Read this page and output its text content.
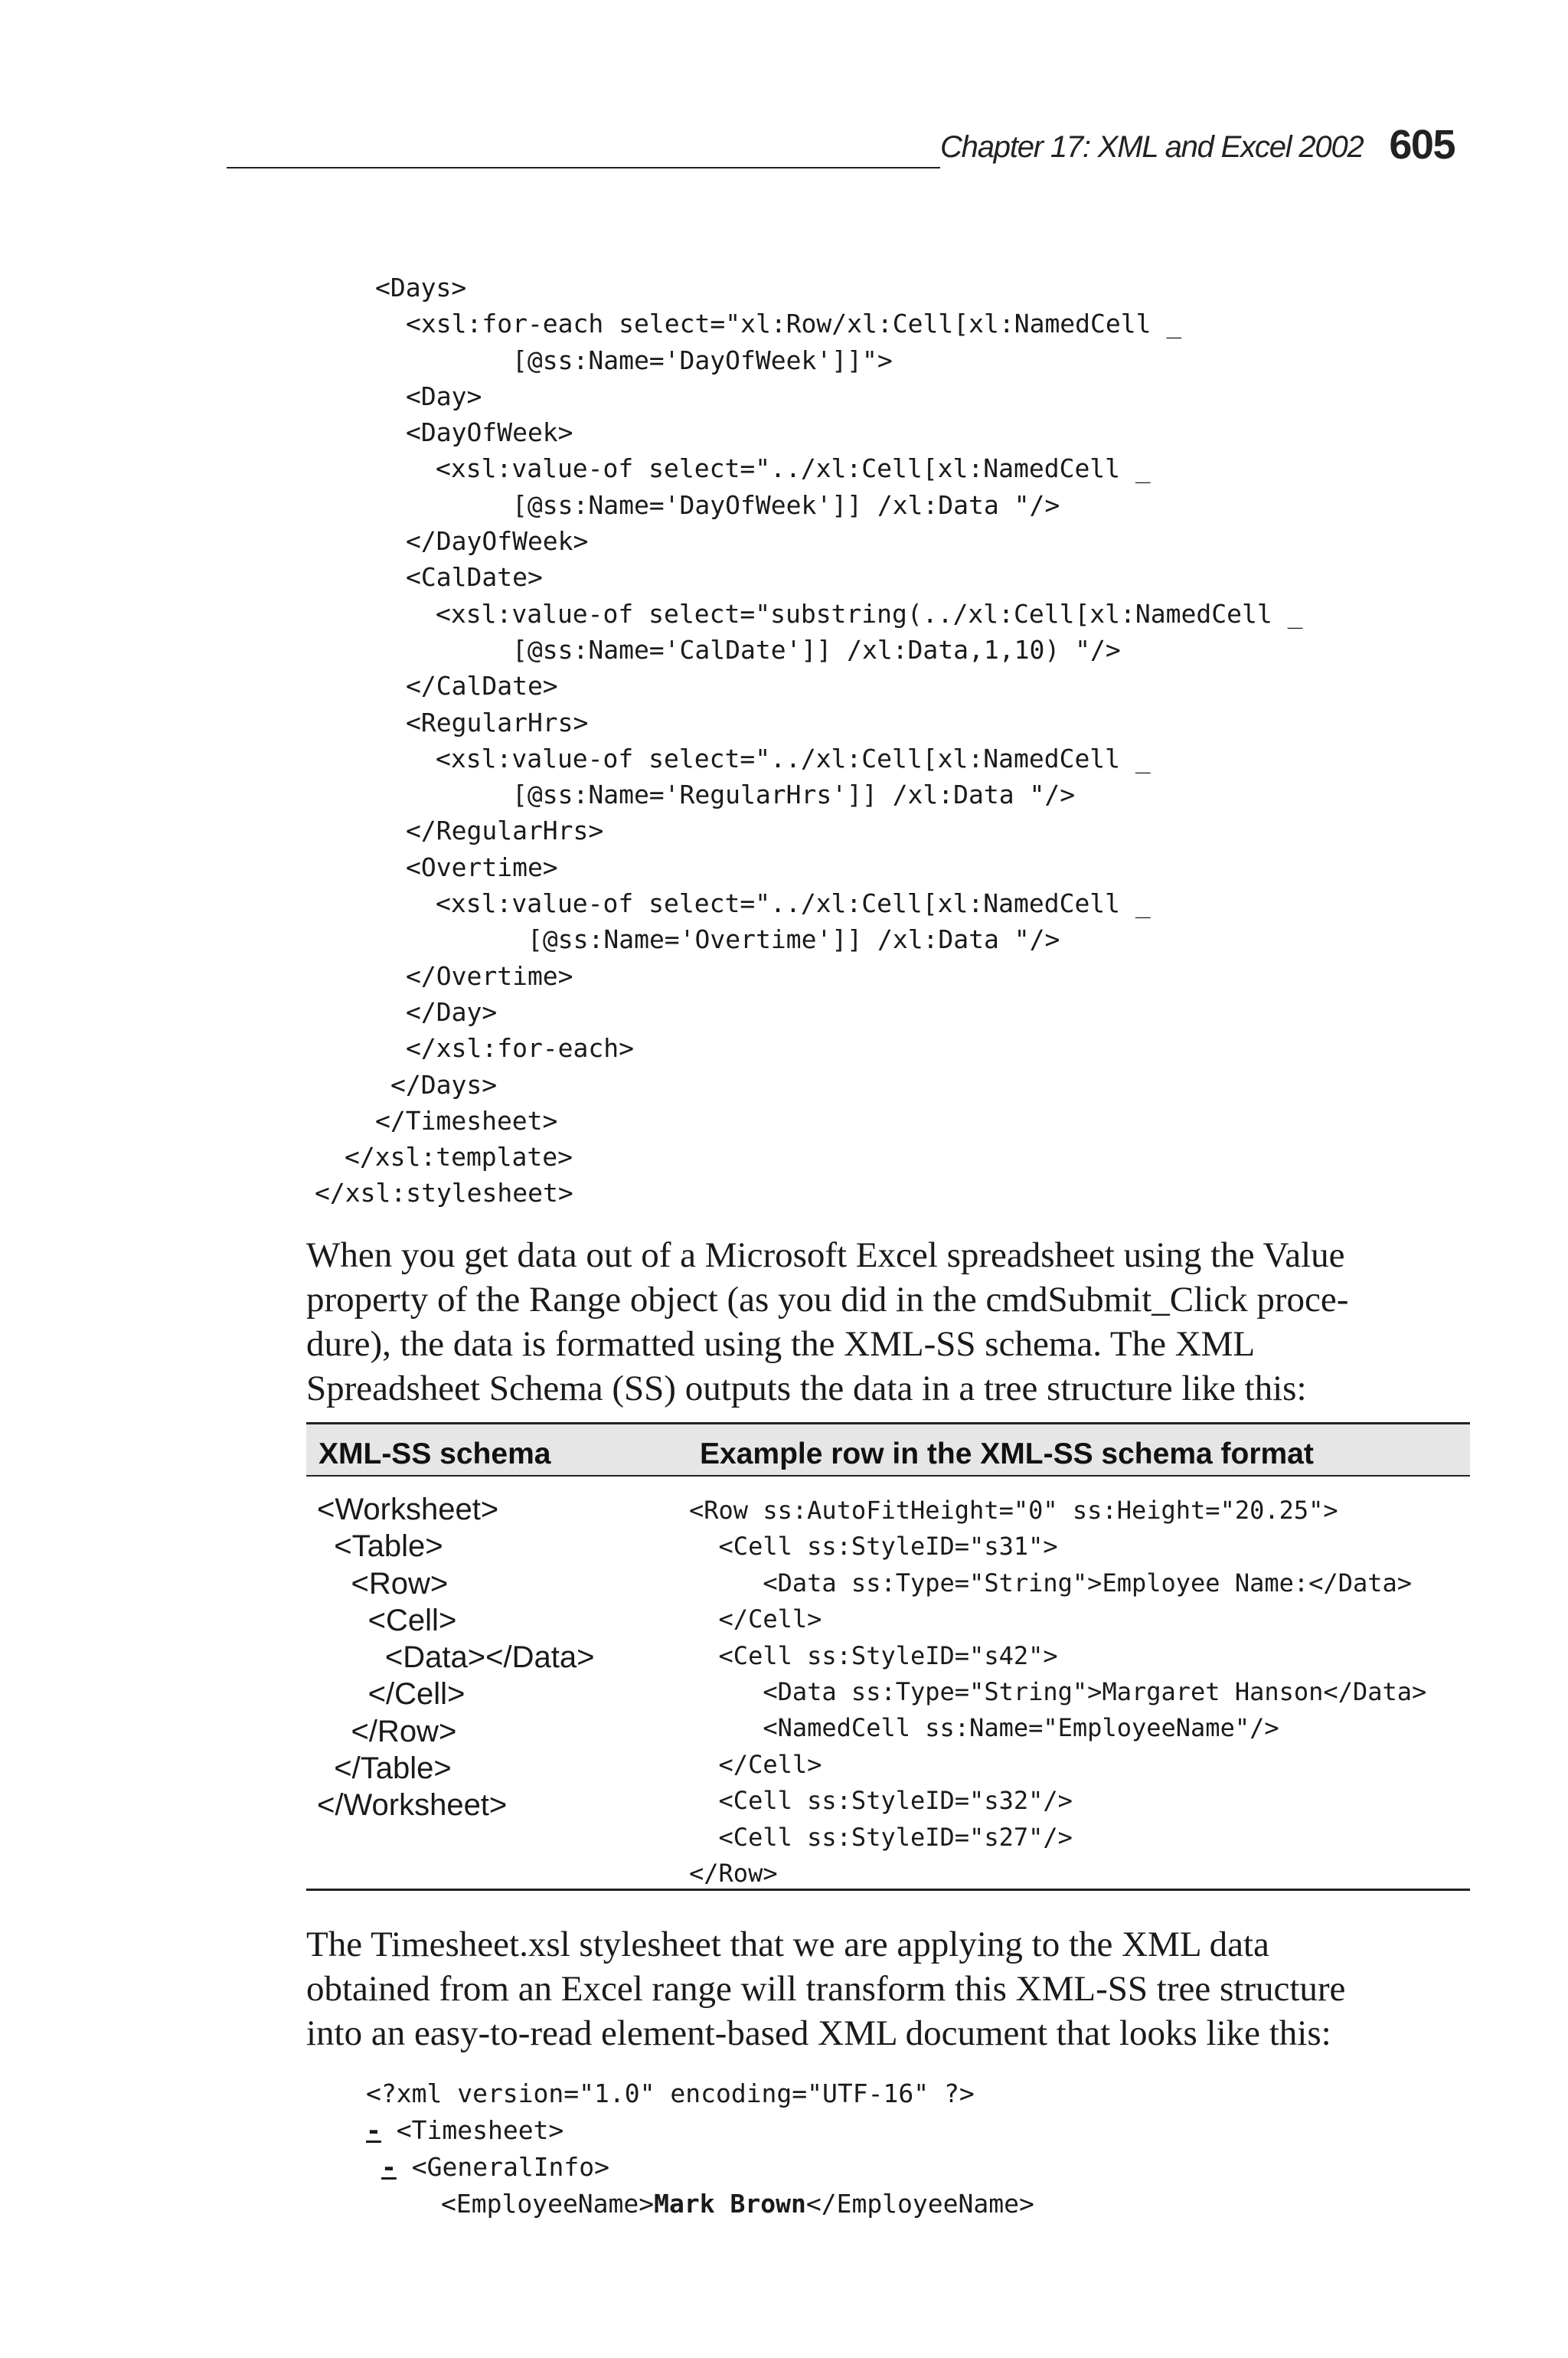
Chapter 17: XML and Excel 2002 605
<Days>
<xsl:for-each select="xl:Row/xl:Cell[xl:NamedCell _
[@ss:Name='DayOfWeek']]">
<Day>
<DayOfWeek>
<xsl:value-of select="../xl:Cell[xl:NamedCell _
[@ss:Name='DayOfWeek']] /xl:Data "/>
</DayOfWeek>
<CalDate>
<xsl:value-of select="substring(../xl:Cell[xl:NamedCell _
[@ss:Name='CalDate']] /xl:Data,1,10) "/>
</CalDate>
<RegularHrs>
<xsl:value-of select="../xl:Cell[xl:NamedCell _
[@ss:Name='RegularHrs']] /xl:Data "/>
</RegularHrs>
<Overtime>
<xsl:value-of select="../xl:Cell[xl:NamedCell _
[@ss:Name='Overtime']] /xl:Data "/>
</Overtime>
</Day>
</xsl:for-each>
</Days>
</Timesheet>
</xsl:template>
</xsl:stylesheet>
When you get data out of a Microsoft Excel spreadsheet using the Value
property of the Range object (as you did in the cmdSubmit_Click proce-
dure), the data is formatted using the XML-SS schema. The XML
Spreadsheet Schema (SS) outputs the data in a tree structure like this:
XML-SS schema	Example row in the XML-SS schema format
<Worksheet>
<Table>
<Row>
<Cell>
<Data></Data>
</Cell>
</Row>
</Table>
</Worksheet>
<Row ss:AutoFitHeight="0" ss:Height="20.25">
<Cell ss:StyleID="s31">
<Data ss:Type="String">Employee Name:</Data>
</Cell>
<Cell ss:StyleID="s42">
<Data ss:Type="String">Margaret Hanson</Data>
<NamedCell ss:Name="EmployeeName"/>
</Cell>
<Cell ss:StyleID="s32"/>
<Cell ss:StyleID="s27"/>
</Row>
The Timesheet.xsl stylesheet that we are applying to the XML data
obtained from an Excel range will transform this XML-SS tree structure
into an easy-to-read element-based XML document that looks like this:
<?xml version="1.0" encoding="UTF-16" ?>
- <Timesheet>
- <GeneralInfo>
<EmployeeName>Mark Brown</EmployeeName>
